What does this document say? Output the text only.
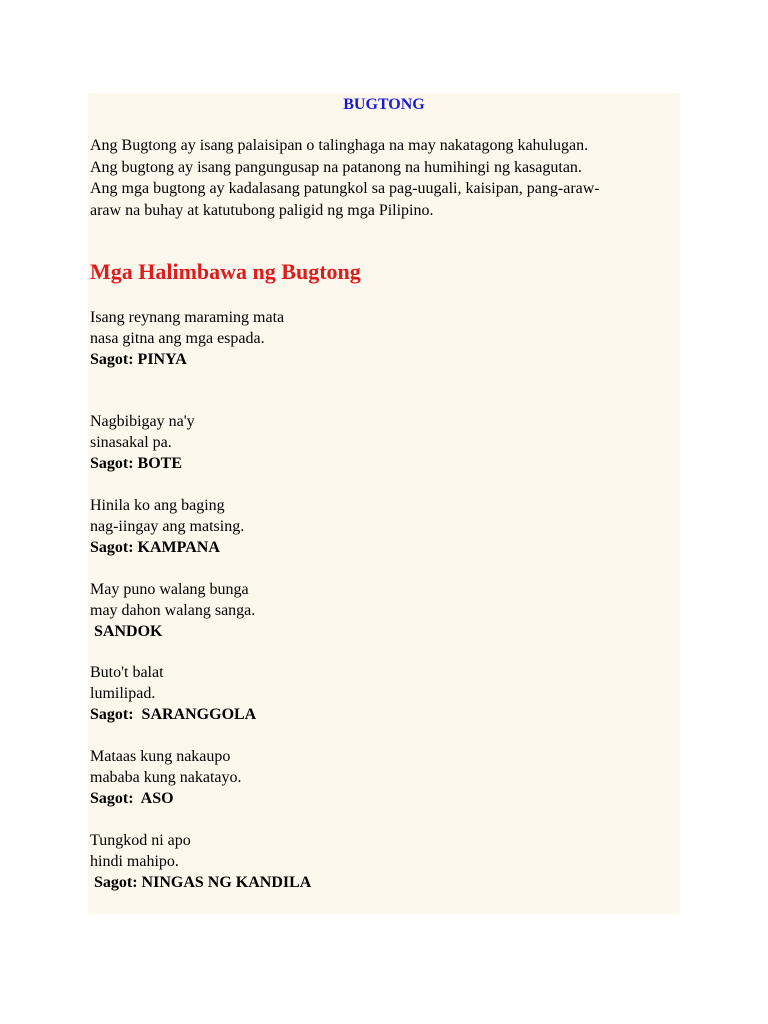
BUGTONG
Ang Bugtong ay isang palaisipan o talinghaga na may nakatagong kahulugan.
Ang bugtong ay isang pangungusap na patanong na humihingi ng kasagutan.
Ang mga bugtong ay kadalasang patungkol sa pag-uugali, kaisipan, pang-araw-
araw na buhay at katutubong paligid ng mga Pilipino.
Mga Halimbawa ng Bugtong
Isang reynang maraming mata
nasa gitna ang mga espada.
Sagot: PINYA
Nagbibigay na'y
sinasakal pa.
Sagot: BOTE
Hinila ko ang baging
nag-iingay ang matsing.
Sagot: KAMPANA
May puno walang bunga
may dahon walang sanga.
SANDOK
Buto't balat
lumilipad.
Sagot:  SARANGGOLA
Mataas kung nakaupo
mababa kung nakatayo.
Sagot:  ASO
Tungkod ni apo
hindi mahipo.
Sagot: NINGAS NG KANDILA
